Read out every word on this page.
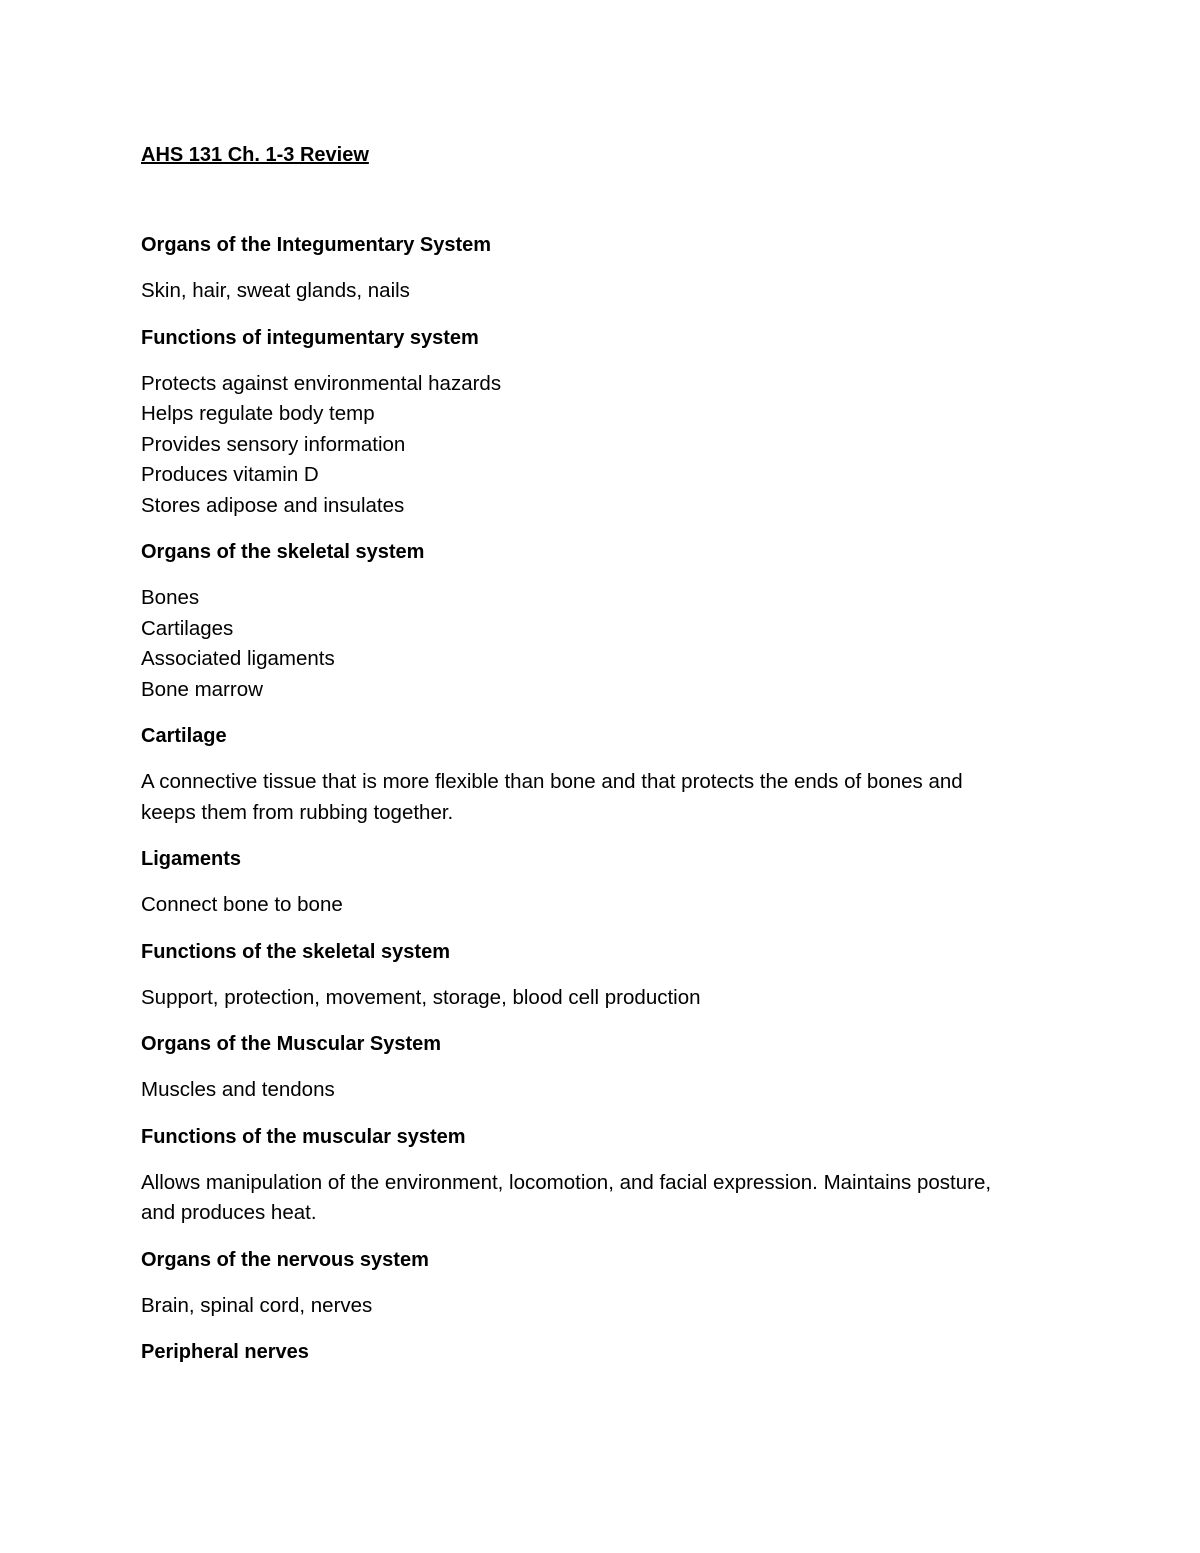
AHS 131 Ch. 1-3 Review
Organs of the Integumentary System
Skin, hair, sweat glands, nails
Functions of integumentary system
Protects against environmental hazards
Helps regulate body temp
Provides sensory information
Produces vitamin D
Stores adipose and insulates
Organs of the skeletal system
Bones
Cartilages
Associated ligaments
Bone marrow
Cartilage
A connective tissue that is more flexible than bone and that protects the ends of bones and
keeps them from rubbing together.
Ligaments
Connect bone to bone
Functions of the skeletal system
Support, protection, movement, storage, blood cell production
Organs of the Muscular System
Muscles and tendons
Functions of the muscular system
Allows manipulation of the environment, locomotion, and facial expression. Maintains posture,
and produces heat.
Organs of the nervous system
Brain, spinal cord, nerves
Peripheral nerves
